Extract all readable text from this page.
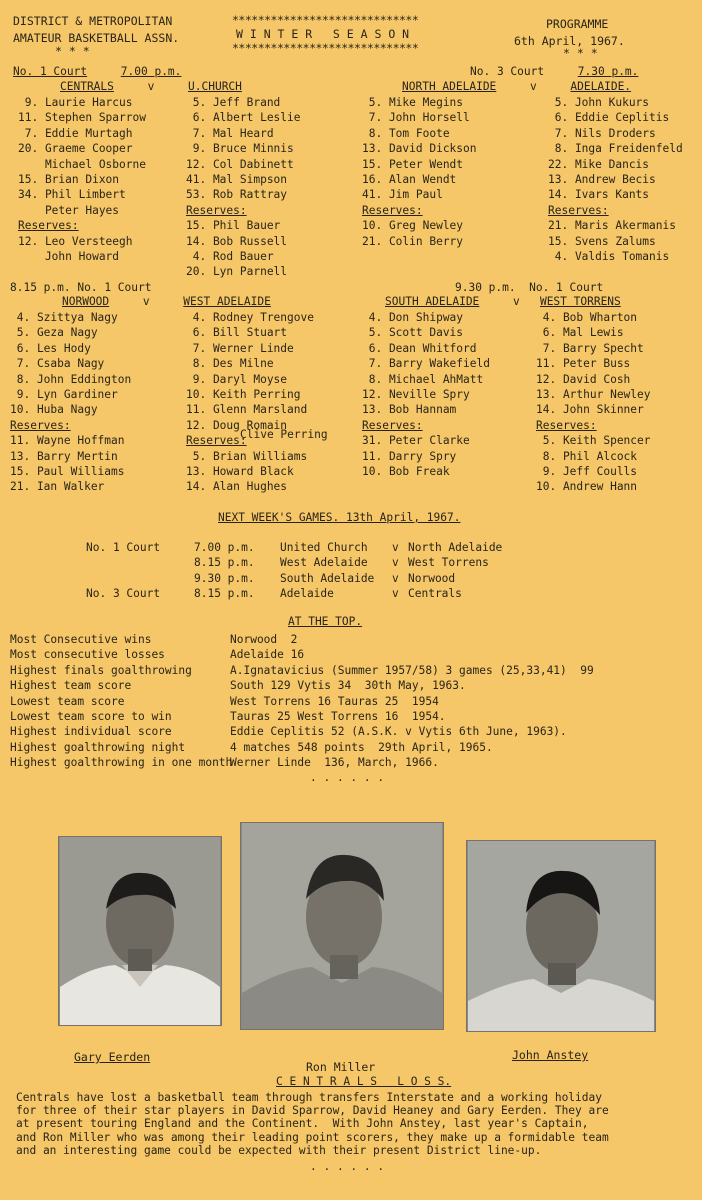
DISTRICT & METROPOLITAN
AMATEUR BASKETBALL ASSN.
* * *
*****************************
W I N T E R   S E A S O N
*****************************
PROGRAMME
6th April, 1967.
* * *
No. 1 Court	7.00 p.m.
CENTRALS	v	U.CHURCH
9. Laurie Harcus
11. Stephen Sparrow
7. Eddie Murtagh
20. Graeme Cooper
Michael Osborne
15. Brian Dixon
34. Phil Limbert
Peter Hayes
Reserves:
12. Leo Versteegh
John Howard
5. Jeff Brand
6. Albert Leslie
7. Mal Heard
9. Bruce Minnis
12. Col Dabinett
41. Mal Simpson
53. Rob Rattray
Reserves:
15. Phil Bauer
14. Bob Russell
4. Rod Bauer
20. Lyn Parnell
No. 3 Court	7.30 p.m.
NORTH ADELAIDE	v	ADELAIDE.
5. Mike Megins
7. John Horsell
8. Tom Foote
13. David Dickson
15. Peter Wendt
16. Alan Wendt
41. Jim Paul
Reserves:
10. Greg Newley
21. Colin Berry
5. John Kukurs
6. Eddie Ceplitis
7. Nils Droders
8. Inga Freidenfeld
22. Mike Dancis
13. Andrew Becis
14. Ivars Kants
Reserves:
21. Maris Akermanis
15. Svens Zalums
4. Valdis Tomanis
8.15 p.m. No. 1 Court
NORWOOD	v	WEST ADELAIDE
4. Szittya Nagy
5. Geza Nagy
6. Les Hody
7. Csaba Nagy
8. John Eddington
9. Lyn Gardiner
10. Huba Nagy
Reserves:
11. Wayne Hoffman
13. Barry Mertin
15. Paul Williams
21. Ian Walker
4. Rodney Trengove
6. Bill Stuart
7. Werner Linde
8. Des Milne
9. Daryl Moyse
10. Keith Perring
11. Glenn Marsland
12. Doug Romain
Reserves:
5. Brian Williams
13. Howard Black
14. Alan Hughes
Clive Perring
9.30 p.m. No. 1 Court
SOUTH ADELAIDE	v WEST TORRENS
4. Don Shipway
5. Scott Davis
6. Dean Whitford
7. Barry Wakefield
8. Michael AhMatt
12. Neville Spry
13. Bob Hannam
Reserves:
31. Peter Clarke
11. Darry Spry
10. Bob Freak
4. Bob Wharton
6. Mal Lewis
7. Barry Specht
11. Peter Buss
12. David Cosh
13. Arthur Newley
14. John Skinner
Reserves:
5. Keith Spencer
8. Phil Alcock
9. Jeff Coulls
10. Andrew Hann
NEXT WEEK'S GAMES. 13th April, 1967.
No. 1 Court	7.00 p.m. United Church v North Adelaide
8.15 p.m. West Adelaide v West Torrens
9.30 p.m. South Adelaide v Norwood
No. 3 Court	8.15 p.m. Adelaide	v Centrals
AT THE TOP.
Most Consecutive wins	Norwood  2
Most consecutive losses	Adelaide 16
Highest finals goalthrowing	A.Ignatavicius (Summer 1957/58) 3 games (25,33,41)  99
Highest team score	South 129 Vytis 34  30th May, 1963.
Lowest team score	West Torrens 16 Tauras 25  1954
Lowest team score to win	Tauras 25 West Torrens 16  1954.
Highest individual score	Eddie Ceplitis 52 (A.S.K. v Vytis 6th June, 1963).
Highest goalthrowing night	4 matches 548 points  29th April, 1965.
Highest goalthrowing in one monthWerner Linde  136, March, 1966.
. . . . . .
Gary Eerden
Ron Miller
John Anstey
C E N T R A L S   L O S S.
Centrals have lost a basketball team through transfers Interstate and a working holiday
for three of their star players in David Sparrow, David Heaney and Gary Eerden. They are
at present touring England and the Continent.  With John Anstey, last year's Captain,
and Ron Miller who was among their leading point scorers, they make up a formidable team
and an interesting game could be expected with their present District line-up.
. . . . . .
